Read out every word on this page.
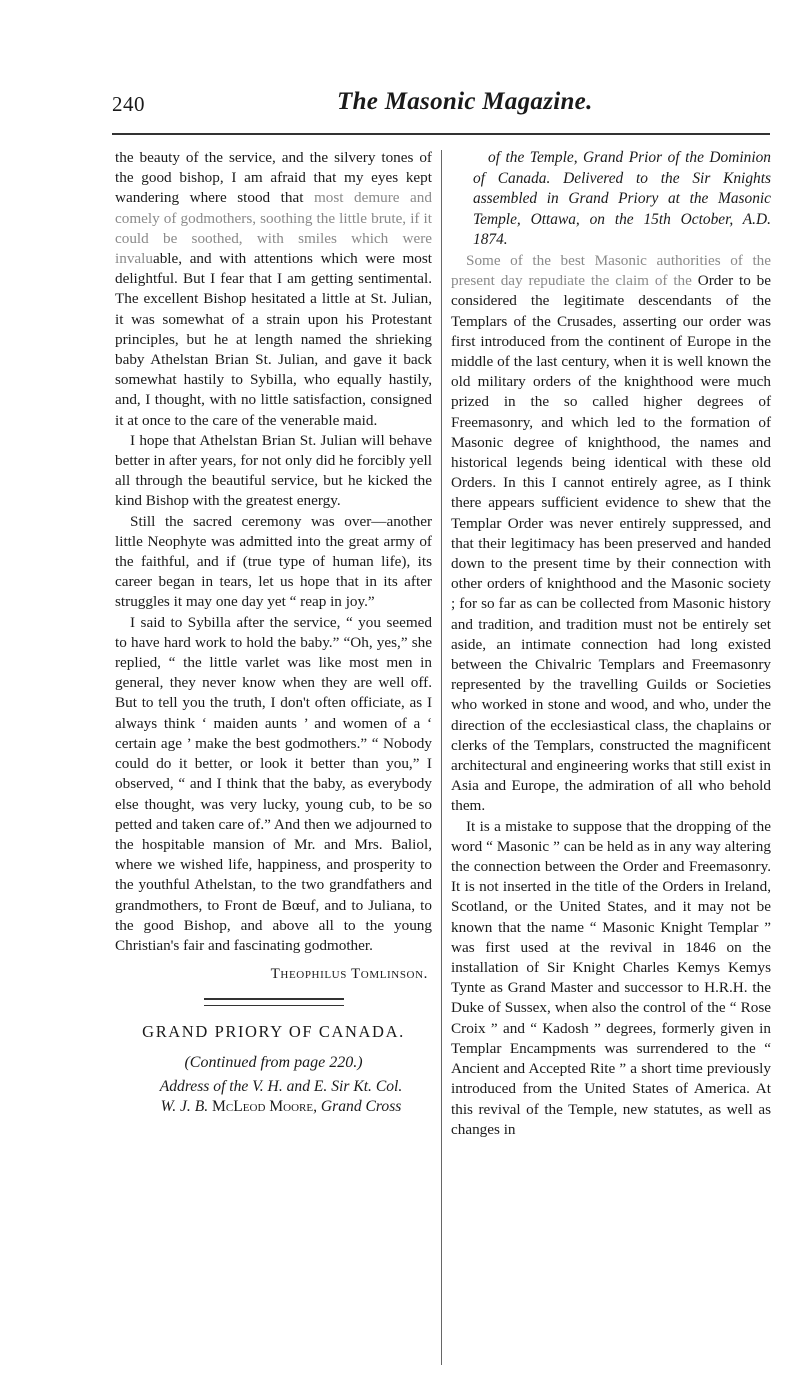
240	The Masonic Magazine.

the beauty of the service, and the silvery tones of the good bishop, I am afraid that my eyes kept wandering where stood that most demure and comely of godmothers, soothing the little brute, if it could be soothed, with smiles which were invaluable, and with attentions which were most delightful. But I fear that I am getting sentimental. The excellent Bishop hesitated a little at St. Julian, it was somewhat of a strain upon his Protestant principles, but he at length named the shrieking baby Athelstan Brian St. Julian, and gave it back somewhat hastily to Sybilla, who equally hastily, and, I thought, with no little satisfaction, consigned it at once to the care of the venerable maid.

I hope that Athelstan Brian St. Julian will behave better in after years, for not only did he forcibly yell all through the beautiful service, but he kicked the kind Bishop with the greatest energy.

Still the sacred ceremony was over—another little Neophyte was admitted into the great army of the faithful, and if (true type of human life), its career began in tears, let us hope that in its after struggles it may one day yet “ reap in joy.”

I said to Sybilla after the service, “ you seemed to have hard work to hold the baby.” “Oh, yes,” she replied, “ the little varlet was like most men in general, they never know when they are well off. But to tell you the truth, I don't often officiate, as I always think ‘ maiden aunts ’ and women of a ‘ certain age ’ make the best godmothers.” “ Nobody could do it better, or look it better than you,” I observed, “ and I think that the baby, as everybody else thought, was very lucky, young cub, to be so petted and taken care of.” And then we adjourned to the hospitable mansion of Mr. and Mrs. Baliol, where we wished life, happiness, and prosperity to the youthful Athelstan, to the two grandfathers and grandmothers, to Front de Bœuf, and to Juliana, to the good Bishop, and above all to the young Christian's fair and fascinating godmother.

Theophilus Tomlinson.
GRAND PRIORY OF CANADA.
(Continued from page 220.)

Address of the V. H. and E. Sir Kt. Col.

W. J. B. McLeod Moore, Grand Cross

of the Temple, Grand Prior of the Dominion of Canada. Delivered to the Sir Knights assembled in Grand Priory at the Masonic Temple, Ottawa, on the 15th October, A.D. 1874.

Some of the best Masonic authorities of the present day repudiate the claim of the Order to be considered the legitimate descendants of the Templars of the Crusades, asserting our order was first introduced from the continent of Europe in the middle of the last century, when it is well known the old military orders of the knighthood were much prized in the so called higher degrees of Freemasonry, and which led to the formation of Masonic degree of knighthood, the names and historical legends being identical with these old Orders. In this I cannot entirely agree, as I think there appears sufficient evidence to shew that the Templar Order was never entirely suppressed, and that their legitimacy has been preserved and handed down to the present time by their connection with other orders of knighthood and the Masonic society ; for so far as can be collected from Masonic history and tradition, and tradition must not be entirely set aside, an intimate connection had long existed between the Chivalric Templars and Freemasonry represented by the travelling Guilds or Societies who worked in stone and wood, and who, under the direction of the ecclesiastical class, the chaplains or clerks of the Templars, constructed the magnificent architectural and engineering works that still exist in Asia and Europe, the admiration of all who behold them.

It is a mistake to suppose that the dropping of the word “ Masonic ” can be held as in any way altering the connection between the Order and Freemasonry. It is not inserted in the title of the Orders in Ireland, Scotland, or the United States, and it may not be known that the name “ Masonic Knight Templar ” was first used at the revival in 1846 on the installation of Sir Knight Charles Kemys Kemys Tynte as Grand Master and successor to H.R.H. the Duke of Sussex, when also the control of the “ Rose Croix ” and “ Kadosh ” degrees, formerly given in Templar Encampments was surrendered to the “ Ancient and Accepted Rite ” a short time previously introduced from the United States of America. At this revival of the Temple, new statutes, as well as changes in
